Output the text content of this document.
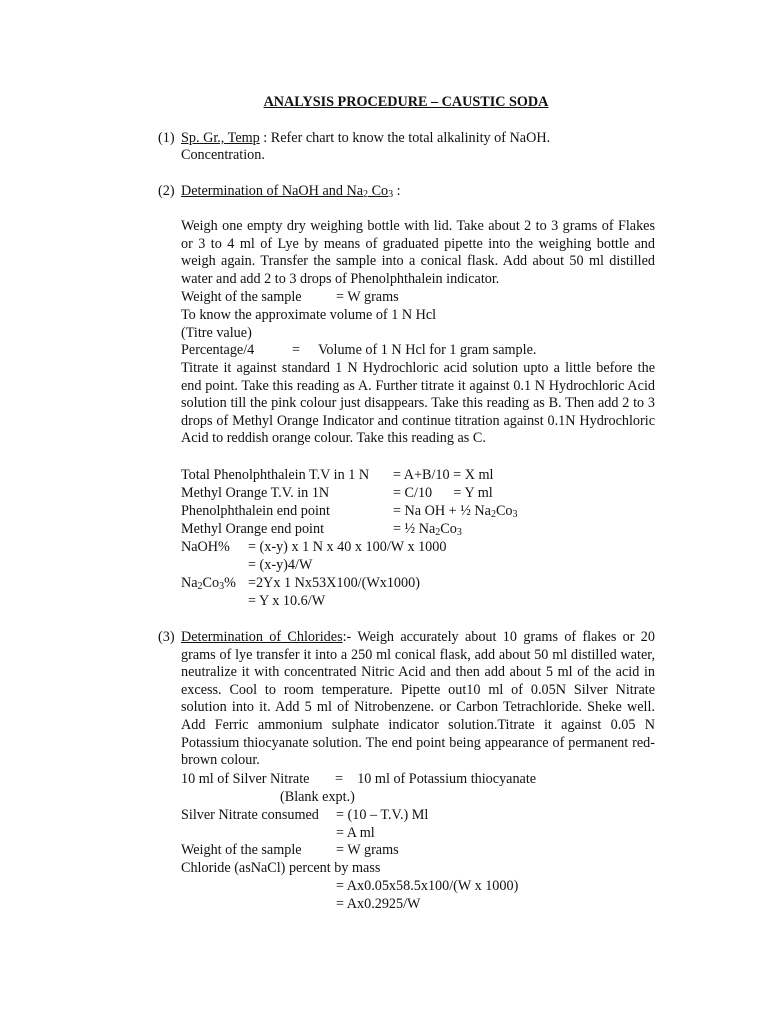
ANALYSIS PROCEDURE – CAUSTIC SODA
(1) Sp. Gr., Temp : Refer chart to know the total alkalinity of NaOH.
Concentration.
(2) Determination of NaOH and $Na_2$ $Co_3$ :
Weigh one empty dry weighing bottle with lid. Take about 2 to 3 grams of Flakes or 3 to 4 ml of Lye by means of graduated pipette into the weighing bottle and weigh again. Transfer the sample into a conical flask. Add about 50 ml distilled water and add 2 to 3 drops of Phenolphthalein indicator.
Weight of the sample = W grams
To know the approximate volume of 1 N Hcl
(Titre value)
Percentage/4	= Volume of 1 N Hcl for 1 gram sample.
Titrate it against standard 1 N Hydrochloric acid solution upto a little before the end point. Take this reading as A. Further titrate it against 0.1 N Hydrochloric Acid solution till the pink colour just disappears. Take this reading as B. Then add 2 to 3 drops of Methyl Orange Indicator and continue titration against 0.1N Hydrochloric Acid to reddish orange colour. Take this reading as C.
Total Phenolphthalein T.V in 1 N = A+B/10 = X ml
Methyl Orange T.V. in 1N	= C/10      = Y ml
Phenolphthalein end point	= Na OH + ½ $Na_2Co_3$
Methyl Orange end point	= ½ $Na_2Co_3$
NaOH% = (x-y) x 1 N x 40 x 100/W x 1000
= (x-y)4/W
$Na_2Co_3\% =2Yx$ 1 Nx53X100/(Wx1000)
= Y x 10.6/W
(3) Determination of Chlorides:- Weigh accurately about 10 grams of flakes or 20 grams of lye transfer it into a 250 ml conical flask, add about 50 ml distilled water, neutralize it with concentrated Nitric Acid and then add about 5 ml of the acid in excess. Cool to room temperature. Pipette out10 ml of 0.05N Silver Nitrate solution into it. Add 5 ml of Nitrobenzene. or Carbon Tetrachloride. Sheke well. Add Ferric ammonium sulphate indicator solution.Titrate it against 0.05 N Potassium thiocyanate solution. The end point being appearance of permanent red-brown colour.
10 ml of Silver Nitrate =    10 ml of Potassium thiocyanate
(Blank expt.)
Silver Nitrate consumed = (10 – T.V.) Ml
= A ml
Weight of the sample = W grams
Chloride (asNaCl) percent by mass
= Ax0.05x58.5x100/(W x 1000)
= Ax0.2925/W
